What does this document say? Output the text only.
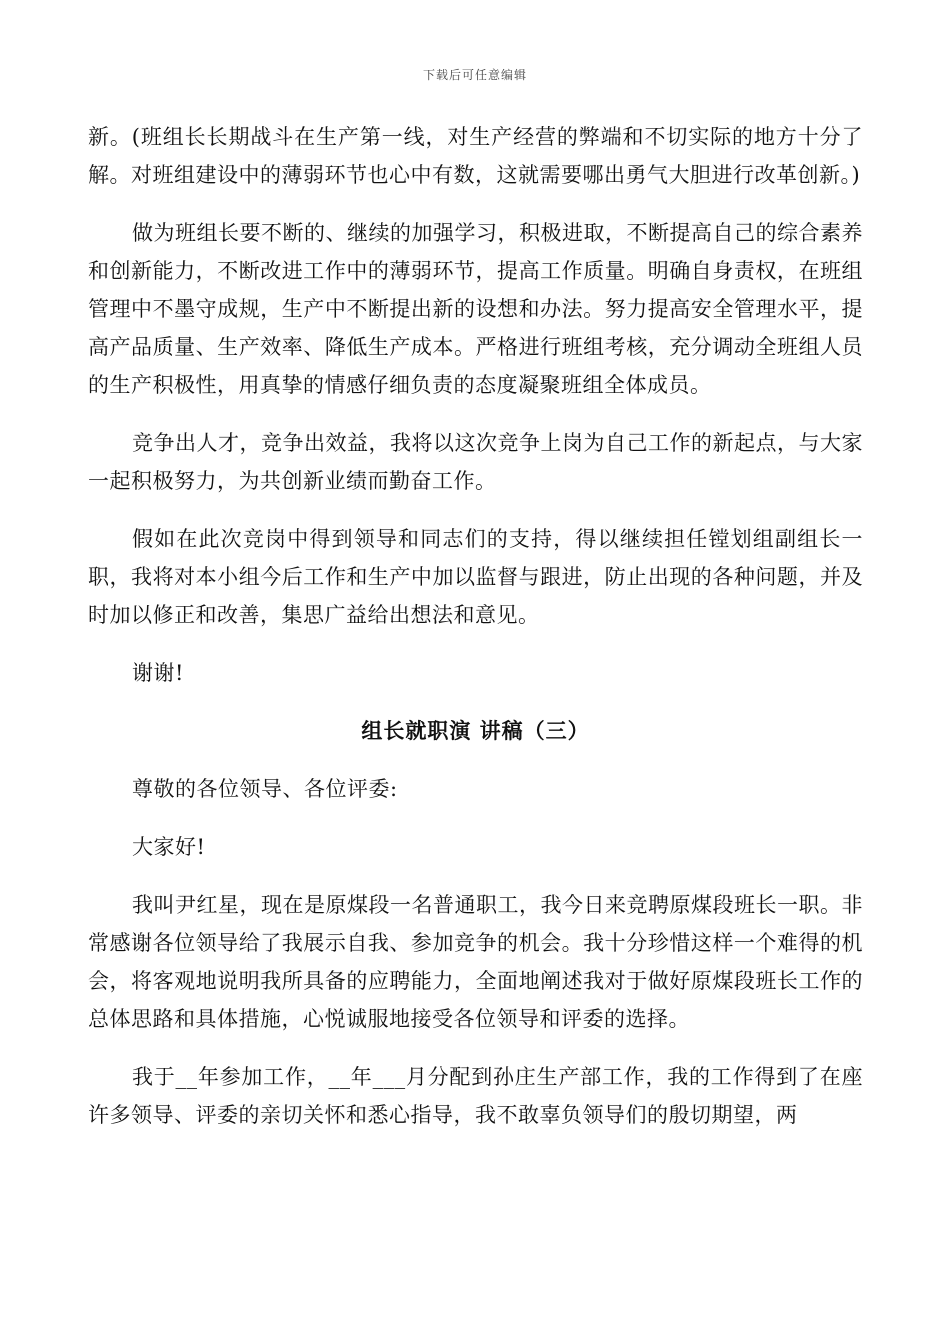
下载后可任意编辑

新。(班组长长期战斗在生产第一线，对生产经营的弊端和不切实际的地方十分了解。对班组建设中的薄弱环节也心中有数，这就需要哪出勇气大胆进行改革创新。)

做为班组长要不断的、继续的加强学习，积极进取，不断提高自己的综合素养和创新能力，不断改进工作中的薄弱环节，提高工作质量。明确自身责权，在班组管理中不墨守成规，生产中不断提出新的设想和办法。努力提高安全管理水平，提高产品质量、生产效率、降低生产成本。严格进行班组考核，充分调动全班组人员的生产积极性，用真挚的情感仔细负责的态度凝聚班组全体成员。

竞争出人才，竞争出效益，我将以这次竞争上岗为自己工作的新起点，与大家一起积极努力，为共创新业绩而勤奋工作。

假如在此次竞岗中得到领导和同志们的支持，得以继续担任镗划组副组长一职，我将对本小组今后工作和生产中加以监督与跟进，防止出现的各种问题，并及时加以修正和改善，集思广益给出想法和意见。

谢谢!

组长就职演 讲稿（三）

尊敬的各位领导、各位评委:

大家好!

我叫尹红星，现在是原煤段一名普通职工，我今日来竞聘原煤段班长一职。非常感谢各位领导给了我展示自我、参加竞争的机会。我十分珍惜这样一个难得的机会，将客观地说明我所具备的应聘能力，全面地阐述我对于做好原煤段班长工作的总体思路和具体措施，心悦诚服地接受各位领导和评委的选择。

我于__年参加工作，__年___月分配到孙庄生产部工作，我的工作得到了在座许多领导、评委的亲切关怀和悉心指导，我不敢辜负领导们的殷切期望，两
